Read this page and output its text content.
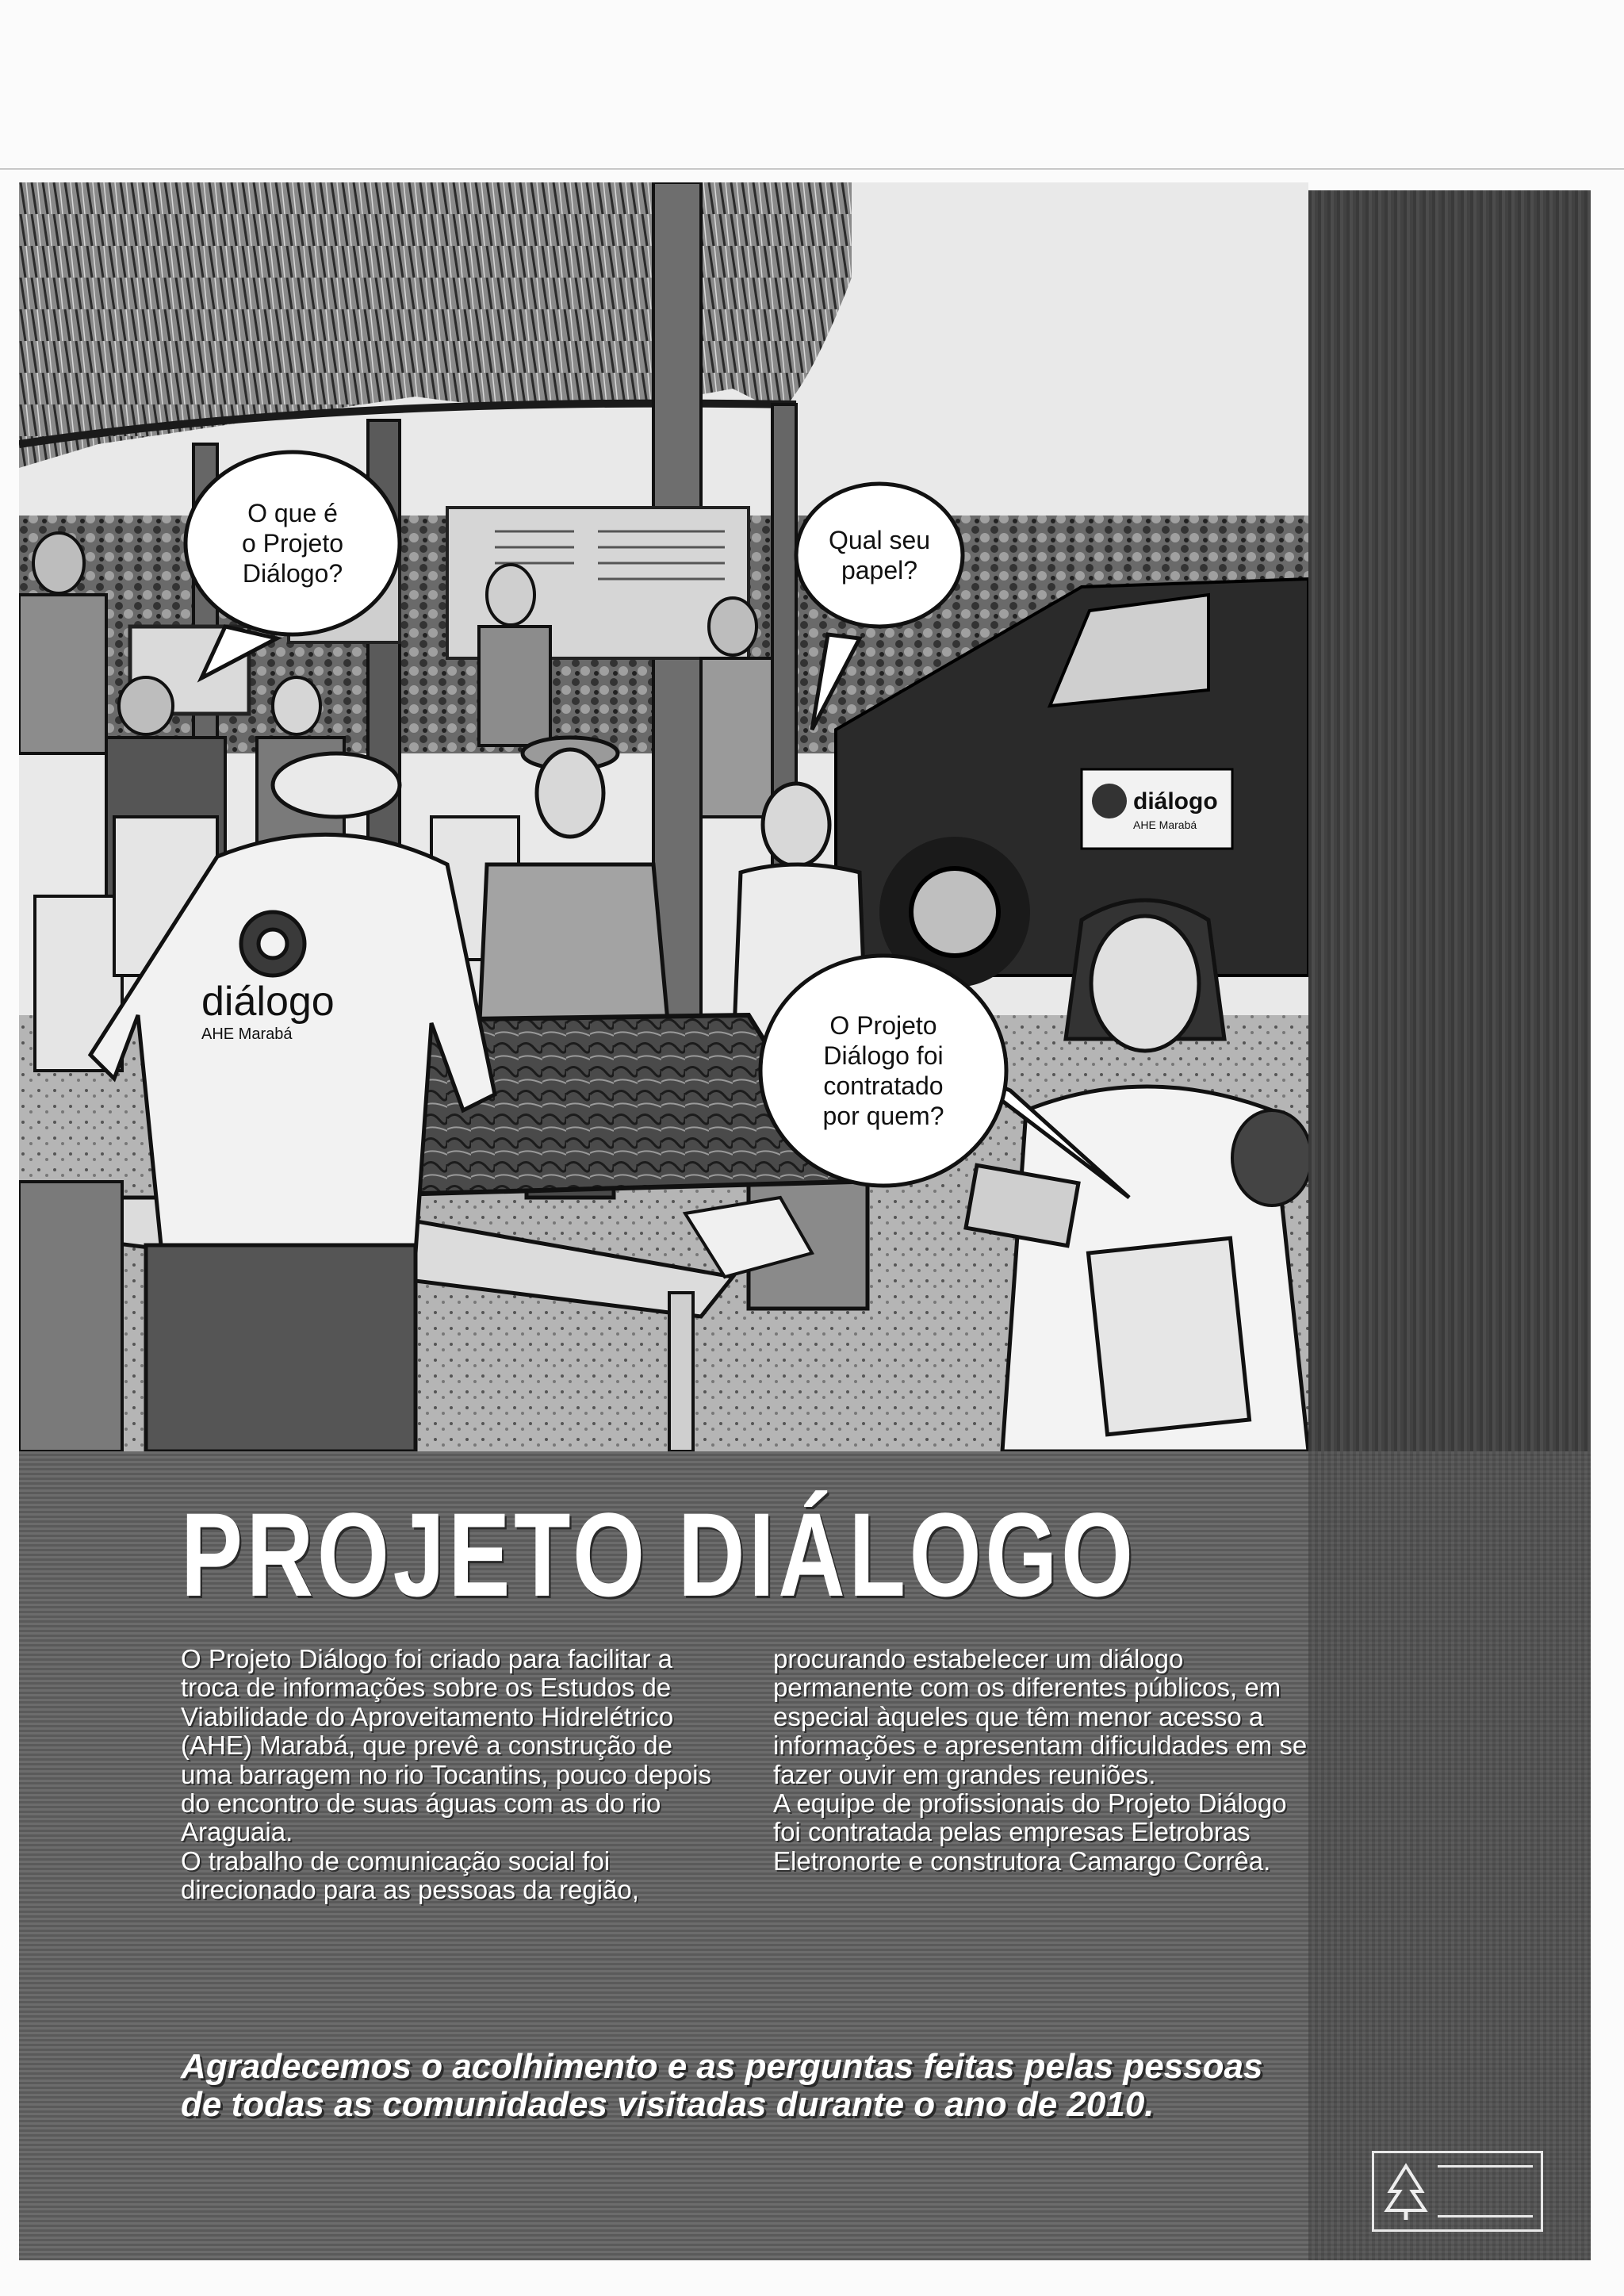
diálogo
AHE Marabá
diálogo
AHE Marabá
O que é
o Projeto
Diálogo?
Qual seu
papel?
O Projeto
Diálogo foi
contratado
por quem?
PROJETO DIÁLOGO

O Projeto Diálogo foi criado para facilitar a troca de informações sobre os Estudos de Viabilidade do Aproveitamento Hidrelétrico (AHE) Marabá, que prevê a construção de uma barragem no rio Tocantins, pouco depois do encontro de suas águas com as do rio Araguaia.

O trabalho de comunicação social foi direcionado para as pessoas da região,

procurando estabelecer um diálogo permanente com os diferentes públicos, em especial àqueles que têm menor acesso a informações e apresentam dificuldades em se fazer ouvir em grandes reuniões.

A equipe de profissionais do Projeto Diálogo foi contratada pelas empresas Eletrobras Eletronorte e construtora Camargo Corrêa.

Agradecemos o acolhimento e as perguntas feitas pelas pessoas de todas as comunidades visitadas durante o ano de 2010.
